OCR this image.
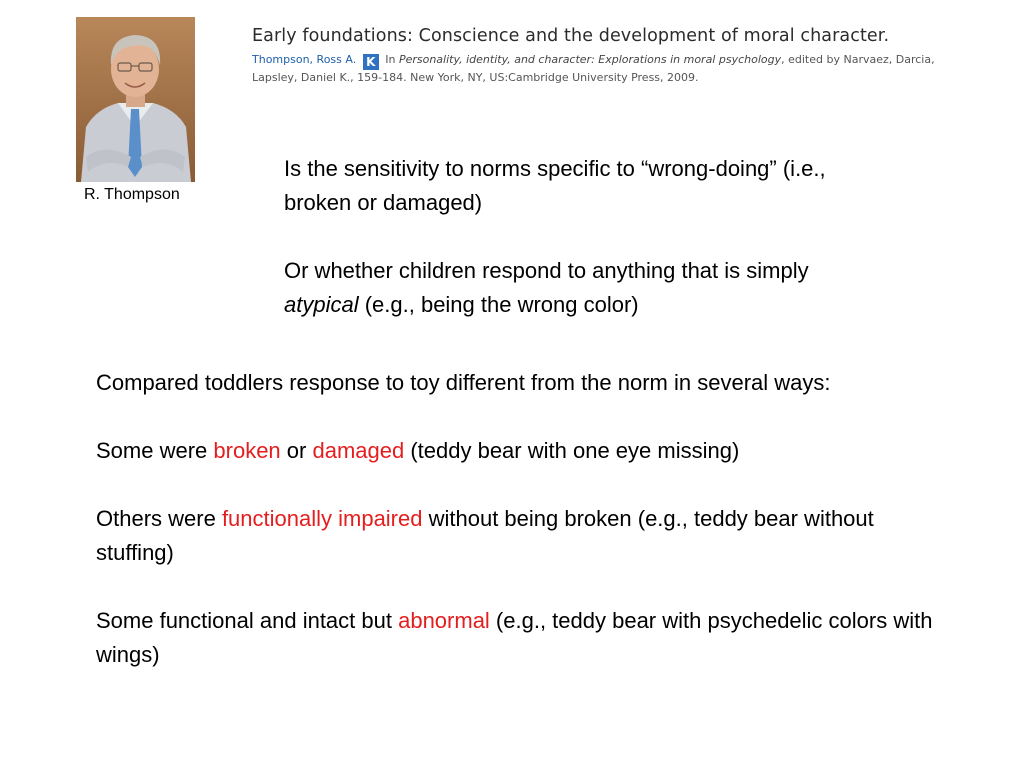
R. Thompson
Early foundations: Conscience and the development of moral character.
Thompson, Ross A. K In Personality, identity, and character: Explorations in moral psychology, edited by Narvaez, Darcia, Lapsley, Daniel K., 159-184. New York, NY, US:Cambridge University Press, 2009.

Is the sensitivity to norms specific to “wrong-doing” (i.e., broken or damaged)

Or whether children respond to anything that is simply atypical (e.g., being the wrong color)

Compared toddlers response to toy different from the norm in several ways:

Some were broken or damaged (teddy bear with one eye missing)

Others were functionally impaired without being broken (e.g., teddy bear without stuffing)

Some functional and intact but abnormal (e.g., teddy bear with psychedelic colors with wings)
